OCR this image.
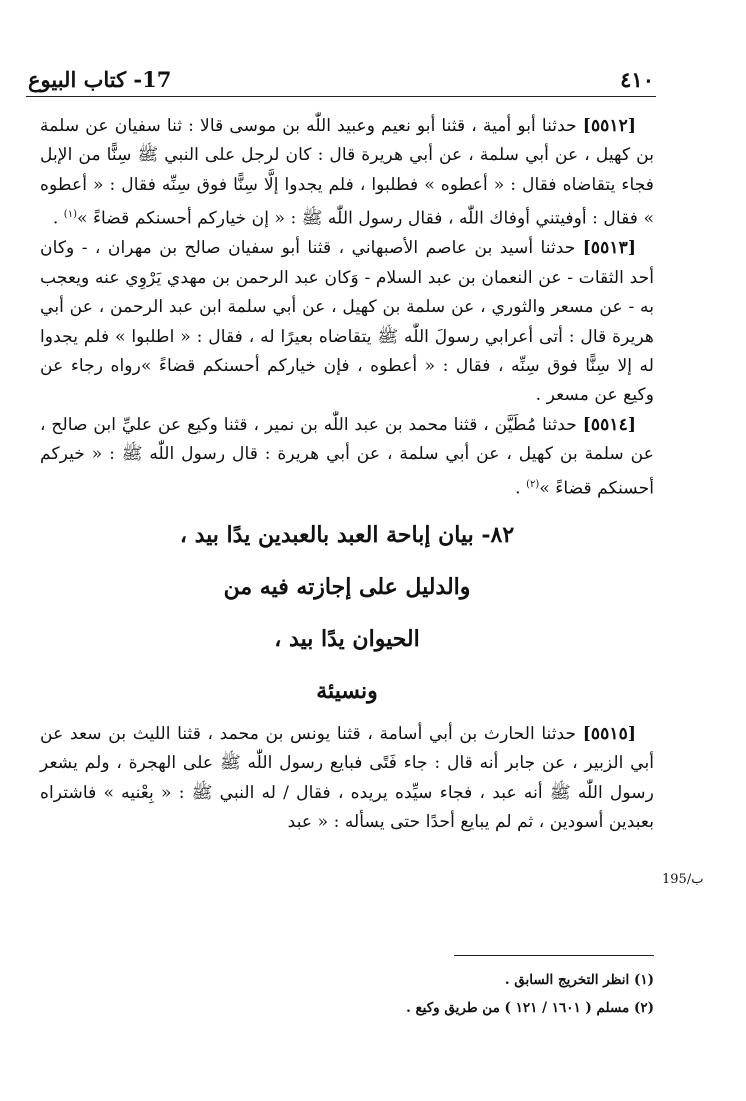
17- كتاب البيوع	٤١٠

[٥٥١٢] حدثنا أبو أمية ، قثنا أبو نعيم وعبيد اللّٰه بن موسى قالا : ثنا سفيان عن سلمة بن كهيل ، عن أبي سلمة ، عن أبي هريرة قال : كان لرجل على النبي ﷺ سِنًّا من الإبل فجاء يتقاضاه فقال : « أعطوه » فطلبوا ، فلم يجدوا إلَّا سِنًّا فوق سِنِّه فقال : « أعطوه » فقال : أوفيتني أوفاك اللّٰه ، فقال رسول اللّٰه ﷺ : « إن خياركم أحسنكم قضاءً »$^{(١)}$ .

[٥٥١٣] حدثنا أسيد بن عاصم الأصبهاني ، قثنا أبو سفيان صالح بن مهران ، - وكان أحد الثقات - عن النعمان بن عبد السلام - وَكان عبد الرحمن بن مهدي يَرْوِي عنه ويعجب به - عن مسعر والثوري ، عن سلمة بن كهيل ، عن أبي سلمة ابن عبد الرحمن ، عن أبي هريرة قال : أتى أعرابي رسولَ اللّٰه ﷺ يتقاضاه بعيرًا له ، فقال : « اطلبوا » فلم يجدوا له إلا سِنًّا فوق سِنِّه ، فقال : « أعطوه ، فإن خياركم أحسنكم قضاءً »رواه رجاء عن وكيع عن مسعر .

[٥٥١٤] حدثنا مُطَيَّن ، قثنا محمد بن عبد اللّٰه بن نمير ، قثنا وكيع عن عليِّ ابن صالح ، عن سلمة بن كهيل ، عن أبي سلمة ، عن أبي هريرة : قال رسول اللّٰه ﷺ : « خيركم أحسنكم قضاءً »$^{(٢)}$ .

٨٢- بيان إباحة العبد بالعبدين يدًا بيد ،
والدليل على إجازته فيه من
الحيوان يدًا بيد ،
ونسيئة

[٥٥١٥] حدثنا الحارث بن أبي أسامة ، قثنا يونس بن محمد ، قثنا الليث بن سعد عن أبي الزبير ، عن جابر أنه قال : جاء فَتًى فبايع رسول اللّٰه ﷺ على الهجرة ، ولم يشعر رسول اللّٰه ﷺ أنه عبد ، فجاء سيِّده يريده ، فقال / له النبي ﷺ : « بِعْنيه » فاشتراه بعبدين أسودين ، ثم لم يبايع أحدًا حتى يسأله : « عبد

195/ب
(١) انظر التخريج السابق .
(٢) مسلم ( ١٦٠١ / ١٢١ ) من طريق وكيع .
